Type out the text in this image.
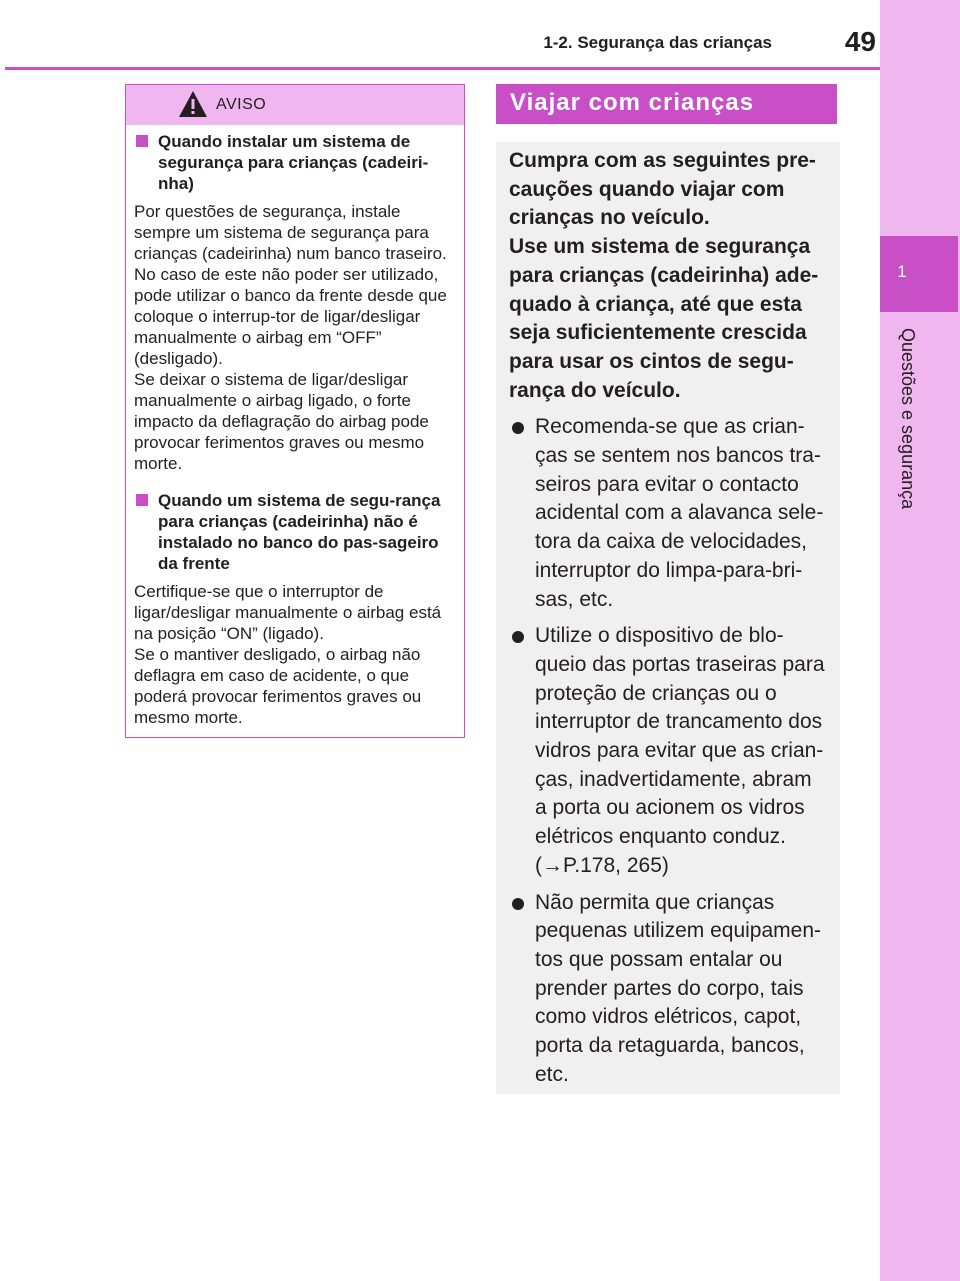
1
Questões e segurança
1-2. Segurança das crianças	49
AVISO
Quando instalar um sistema de segurança para crianças (cadeiri-nha)

Por questões de segurança, instale sempre um sistema de segurança para crianças (cadeirinha) num banco traseiro. No caso de este não poder ser utilizado, pode utilizar o banco da frente desde que coloque o interrup-tor de ligar/desligar manualmente o airbag em “OFF” (desligado).

Se deixar o sistema de ligar/desligar manualmente o airbag ligado, o forte impacto da deflagração do airbag pode provocar ferimentos graves ou mesmo morte.

Quando um sistema de segu-rança para crianças (cadeirinha) não é instalado no banco do pas-sageiro da frente

Certifique-se que o interruptor de ligar/desligar manualmente o airbag está na posição “ON” (ligado).

Se o mantiver desligado, o airbag não deflagra em caso de acidente, o que poderá provocar ferimentos graves ou mesmo morte.

Viajar com crianças

Cumpra com as seguintes pre-cauções quando viajar com crianças no veículo.

Use um sistema de segurança para crianças (cadeirinha) ade-quado à criança, até que esta seja suficientemente crescida para usar os cintos de segu-rança do veículo.

Recomenda-se que as crian-ças se sentem nos bancos tra-seiros para evitar o contacto acidental com a alavanca sele-tora da caixa de velocidades, interruptor do limpa-para-bri-sas, etc.
Utilize o dispositivo de blo-queio das portas traseiras para proteção de crianças ou o interruptor de trancamento dos vidros para evitar que as crian-ças, inadvertidamente, abram a porta ou acionem os vidros elétricos enquanto conduz. (→P.178, 265)
Não permita que crianças pequenas utilizem equipamen-tos que possam entalar ou prender partes do corpo, tais como vidros elétricos, capot, porta da retaguarda, bancos, etc.
